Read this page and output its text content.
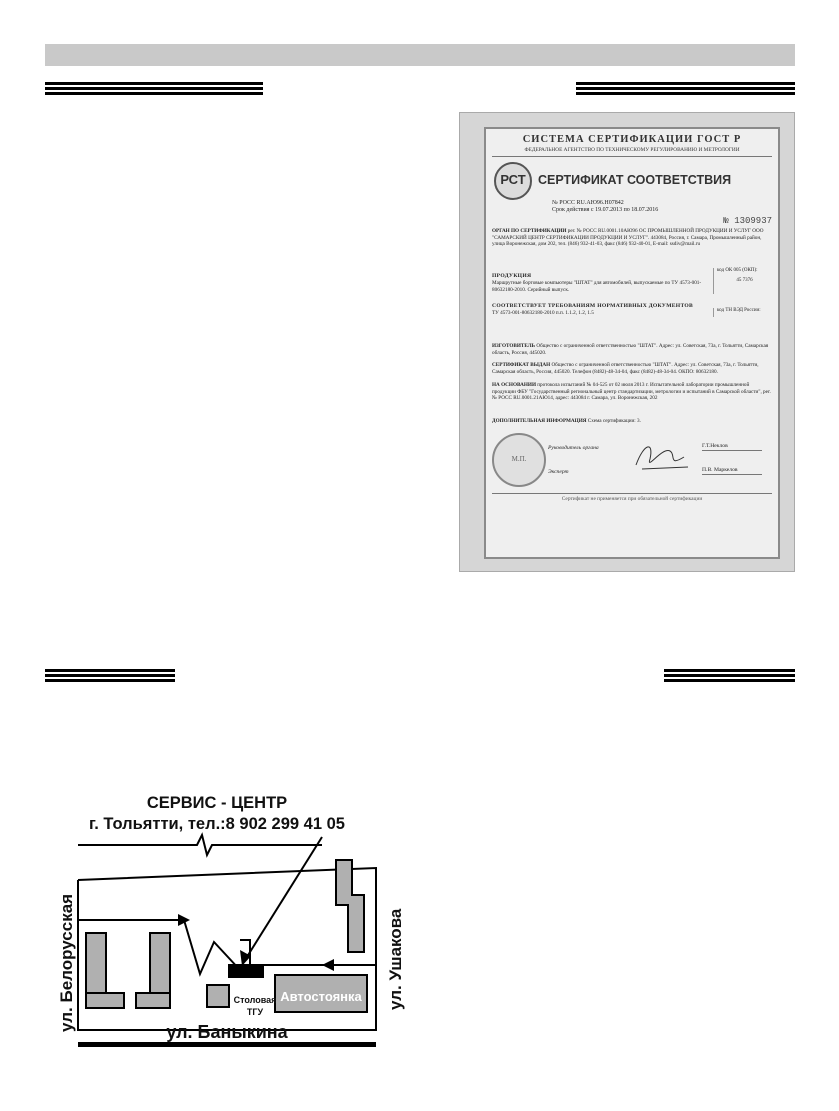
СИСТЕМА СЕРТИФИКАЦИИ ГОСТ Р
ФЕДЕРАЛЬНОЕ АГЕНТСТВО ПО ТЕХНИЧЕСКОМУ РЕГУЛИРОВАНИЮ И МЕТРОЛОГИИ
РСТ СЕРТИФИКАТ СООТВЕТСТВИЯ
№ РОСС RU.AЮ96.H07842
Срок действия с 19.07.2013 по 18.07.2016
№ 1309937
ОРГАН ПО СЕРТИФИКАЦИИ рег. № РОСС RU.0001.10АЮ96 ОС ПРОМЫШЛЕННОЙ ПРОДУКЦИИ И УСЛУГ ООО "САМАРСКИЙ ЦЕНТР СЕРТИФИКАЦИИ ПРОДУКЦИИ И УСЛУГ". 443084, Россия, г. Самара, Промышленный район, улица Воронежская, дом 202, тел. (846) 932-41-03, факс (846) 932-40-01, E-mail: ssdiv@mail.ru
ПРОДУКЦИЯ
Маршрутные бортовые компьютеры "ШТАТ" для автомобилей, выпускаемые по ТУ 4573-001-80632180-2010. Серийный выпуск.
код ОК 005 (ОКП):
45 7376
СООТВЕТСТВУЕТ ТРЕБОВАНИЯМ НОРМАТИВНЫХ ДОКУМЕНТОВ
ТУ 4573-001-80632180-2010 п.п. 1.1.2, 1.2, 1.5	код ТН ВЭД России:
ИЗГОТОВИТЕЛЬ Общество с ограниченной ответственностью "ШТАТ". Адрес: ул. Советская, 73а, г. Тольятти, Самарская область, Россия, 445020.
СЕРТИФИКАТ ВЫДАН Общество с ограниченной ответственностью "ШТАТ". Адрес: ул. Советская, 73а, г. Тольятти, Самарская область, Россия, 445020. Телефон (8482)-48-34-04, факс (8482)-48-34-04. ОКПО: 80632180.
НА ОСНОВАНИИ протокола испытаний № 04-525 от 02 июля 2013 г. Испытательной лаборатории промышленной продукции ФБУ "Государственный региональный центр стандартизации, метрологии и испытаний в Самарской области", рег. № РОСС RU.0001.21АЮ14, адрес: 443084 г. Самара, ул. Воронежская, 202
ДОПОЛНИТЕЛЬНАЯ ИНФОРМАЦИЯ Схема сертификации: 3.
М.П.
Руководитель органа
Эксперт
Г.Т.Неклов
П.В. Маркелов
Сертификат не применяется при обязательной сертификации
СЕРВИС - ЦЕНТР
г. Тольятти, тел.:8 902 299 41 05
ул. Белорусская	ул. Ушакова
ул. Баныкина
Столовая
ТГУ
Автостоянка
